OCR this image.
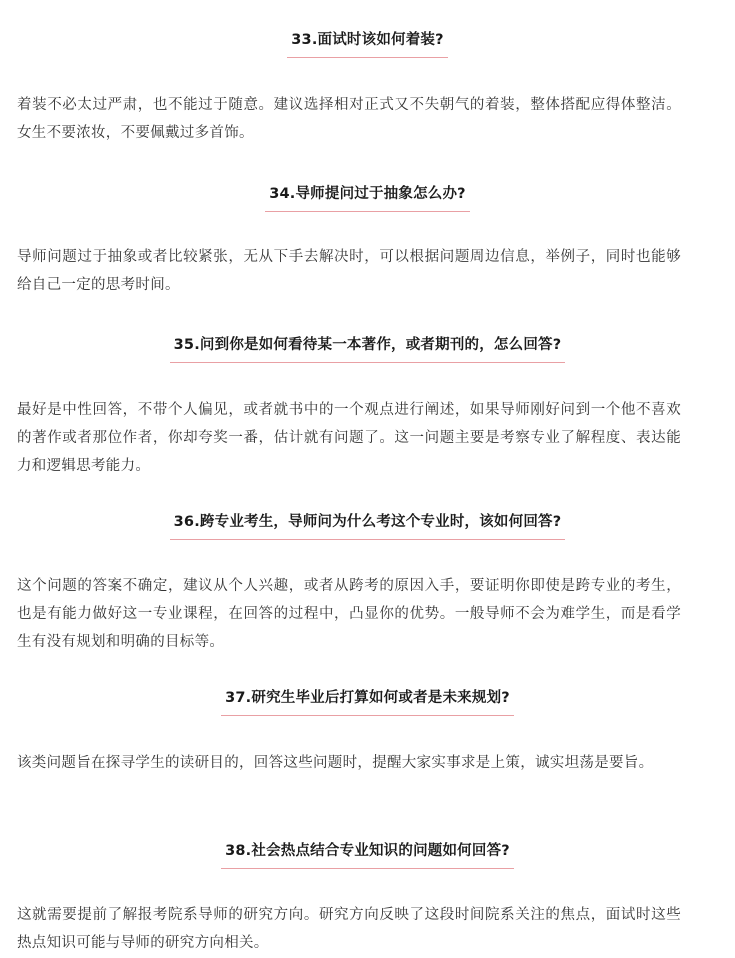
33.面试时该如何着装?
着装不必太过严肃，也不能过于随意。建议选择相对正式又不失朝气的着装，整体搭配应得体整洁。女生不要浓妆，不要佩戴过多首饰。
34.导师提问过于抽象怎么办?
导师问题过于抽象或者比较紧张，无从下手去解决时，可以根据问题周边信息，举例子，同时也能够给自己一定的思考时间。
35.问到你是如何看待某一本著作，或者期刊的，怎么回答?
最好是中性回答，不带个人偏见，或者就书中的一个观点进行阐述，如果导师刚好问到一个他不喜欢的著作或者那位作者，你却夸奖一番，估计就有问题了。这一问题主要是考察专业了解程度、表达能力和逻辑思考能力。
36.跨专业考生，导师问为什么考这个专业时，该如何回答?
这个问题的答案不确定，建议从个人兴趣，或者从跨考的原因入手，要证明你即使是跨专业的考生，也是有能力做好这一专业课程，在回答的过程中，凸显你的优势。一般导师不会为难学生，而是看学生有没有规划和明确的目标等。
37.研究生毕业后打算如何或者是未来规划?
该类问题旨在探寻学生的读研目的，回答这些问题时，提醒大家实事求是上策，诚实坦荡是要旨。
38.社会热点结合专业知识的问题如何回答?
这就需要提前了解报考院系导师的研究方向。研究方向反映了这段时间院系关注的焦点，面试时这些热点知识可能与导师的研究方向相关。
